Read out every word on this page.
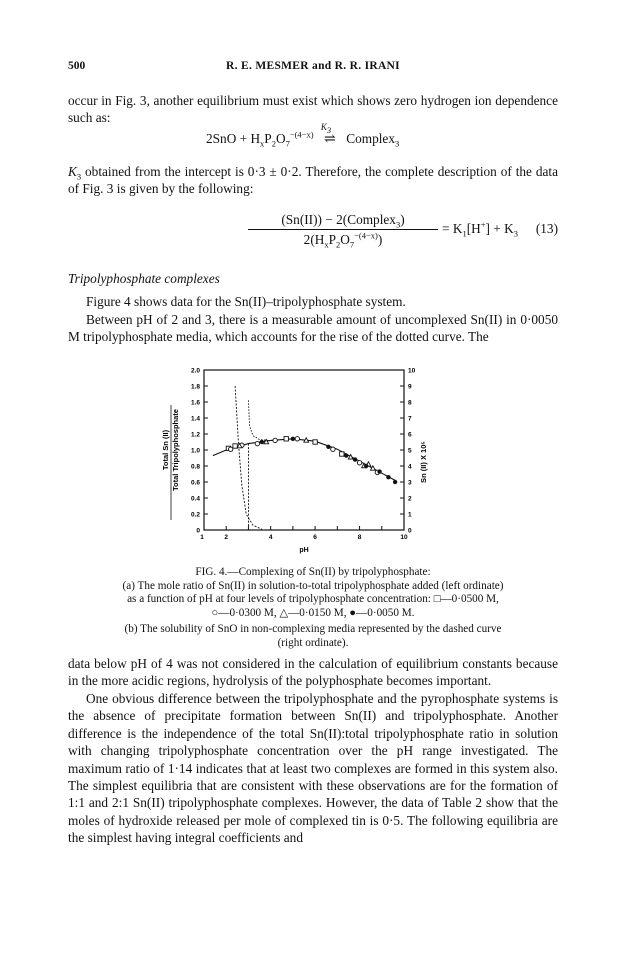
500	R. E. MESMER and R. R. IRANI

occur in Fig. 3, another equilibrium must exist which shows zero hydrogen ion dependence such as:

$2SnO + H_xP_2O_7^{-(4-x)}$
$K_3$
⇌ Complex$_3$

$K_3$ obtained from the intercept is 0·3 ± 0·2. Therefore, the complete description of the data of Fig. 3 is given by the following:

(Sn(II)) − 2(Complex$_3$)
$2(H_xP_2O_7^{-(4-x)})$
= $K_1[H^+] + K_3$ (13)
Tripolyphosphate complexes

Figure 4 shows data for the Sn(II)–tripolyphosphate system.

Between pH of 2 and 3, there is a measurable amount of uncomplexed Sn(II) in 0·0050 M tripolyphosphate media, which accounts for the rise of the dotted curve. The

0
0.2
0.4
0.6
0.8
1.0
1.2
1.4
1.6
1.8
2.0
0
1
2
3
4
5
6
7
8
9
10
1	2	4	6	8	10
pH
Total Sn (II) Total Tripolyphosphate	Sn (II) X 10⁵
FIG. 4.—Complexing of Sn(II) by tripolyphosphate:
(a) The mole ratio of Sn(II) in solution-to-total tripolyphosphate added (left ordinate)
as a function of pH at four levels of tripolyphosphate concentration: □—0·0500 M,
○—0·0300 M, △—0·0150 M, ●—0·0050 M.
(b) The solubility of SnO in non-complexing media represented by the dashed curve
(right ordinate).

data below pH of 4 was not considered in the calculation of equilibrium constants because in the more acidic regions, hydrolysis of the polyphosphate becomes important.

One obvious difference between the tripolyphosphate and the pyrophosphate systems is the absence of precipitate formation between Sn(II) and tripolyphosphate. Another difference is the independence of the total Sn(II):total tripolyphosphate ratio in solution with changing tripolyphosphate concentration over the pH range investigated. The maximum ratio of 1·14 indicates that at least two complexes are formed in this system also. The simplest equilibria that are consistent with these observations are for the formation of 1:1 and 2:1 Sn(II) tripolyphosphate complexes. However, the data of Table 2 show that the moles of hydroxide released per mole of complexed tin is 0·5. The following equilibria are the simplest having integral coefficients and
